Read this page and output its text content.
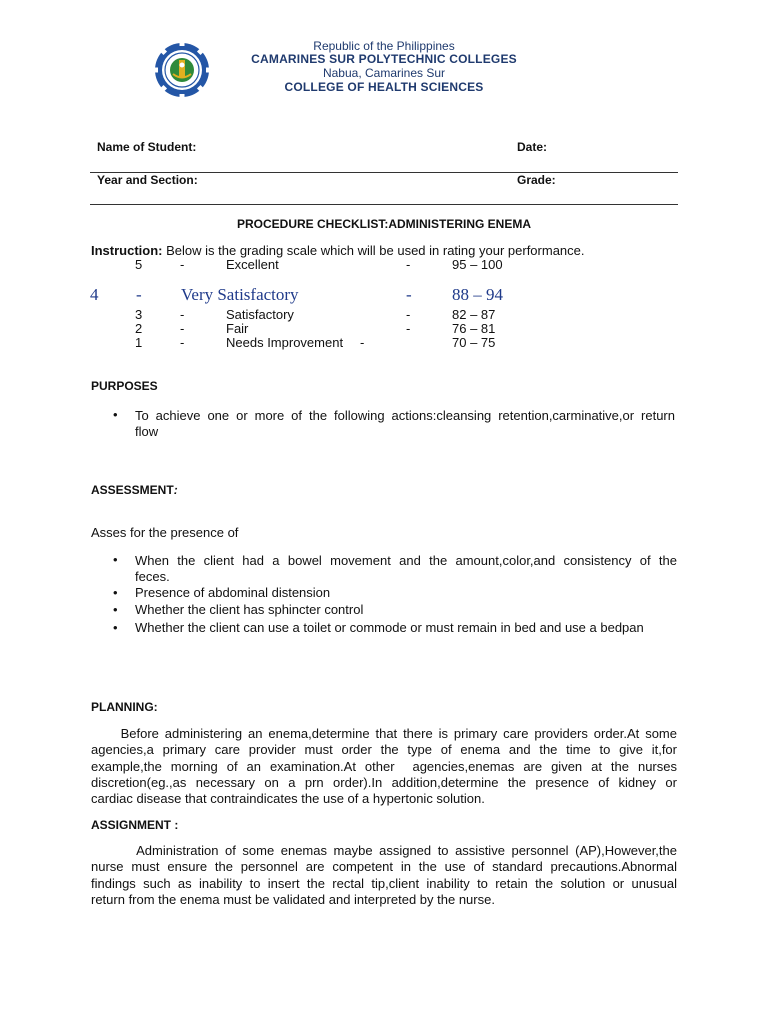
Republic of the Philippines
CAMARINES SUR POLYTECHNIC COLLEGES
Nabua, Camarines Sur
COLLEGE OF HEALTH SCIENCES
Name of Student:	Date:
Year and Section:	Grade:
PROCEDURE CHECKLIST:ADMINISTERING ENEMA
Instruction: Below is the grading scale which will be used in rating your performance.
5	-	Excellent	-	95 – 100
4 - Very Satisfactory	- 88 – 94
3	-	Satisfactory	-	82 – 87
2	-	Fair	-	76 – 81
1	-	Needs Improvement -	70 – 75
PURPOSES
• To achieve one or more of the following actions:cleansing retention,carminative,or return
flow
ASSESSMENT:
Asses for the presence of
• When the client had a bowel movement and the amount,color,and consistency of the
feces.
• Presence of abdominal distension
• Whether the client has sphincter control
• Whether the client can use a toilet or commode or must remain in bed and use a bedpan
PLANNING:
Before administering an enema,determine that there is primary care providers order.At some
agencies,a primary care provider must order the type of enema and the time to give it,for
example,the morning of an examination.At other  agencies,enemas are given at the nurses
discretion(eg.,as necessary on a prn order).In addition,determine the presence of kidney or
cardiac disease that contraindicates the use of a hypertonic solution.
ASSIGNMENT :
Administration of some enemas maybe assigned to assistive personnel (AP),However,the
nurse must ensure the personnel are competent in the use of standard precautions.Abnormal
findings such as inability to insert the rectal tip,client inability to retain the solution or unusual
return from the enema must be validated and interpreted by the nurse.
